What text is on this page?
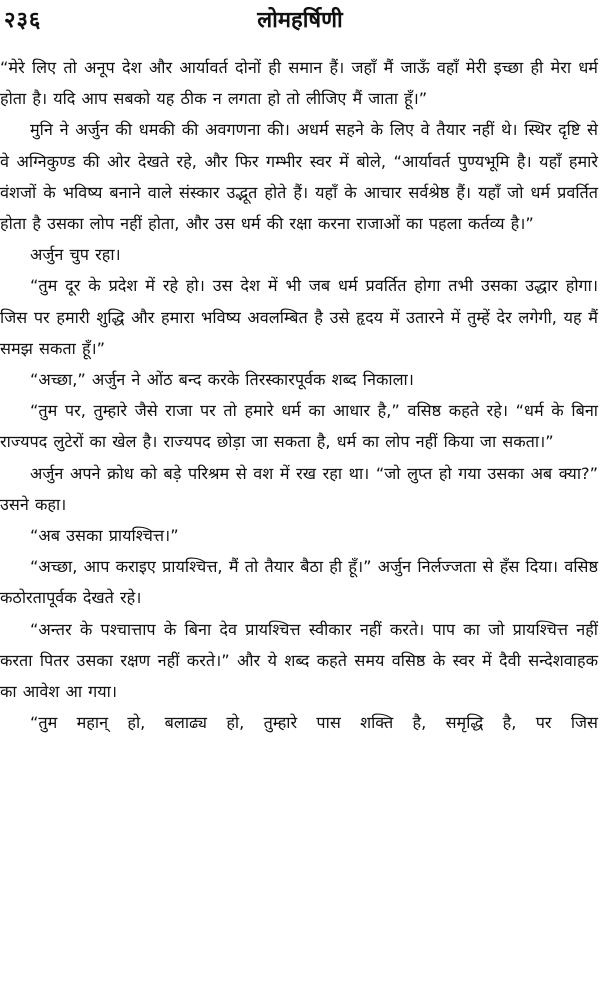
२३६	लोमहर्षिणी

“मेरे लिए तो अनूप देश और आर्यावर्त दोनों ही समान हैं। जहाँ मैं जाऊँ वहाँ मेरी इच्छा ही मेरा धर्म होता है। यदि आप सबको यह ठीक न लगता हो तो लीजिए मैं जाता हूँ।”

मुनि ने अर्जुन की धमकी की अवगणना की। अधर्म सहने के लिए वे तैयार नहीं थे। स्थिर दृष्टि से वे अग्निकुण्ड की ओर देखते रहे, और फिर गम्भीर स्वर में बोले, “आर्यावर्त पुण्यभूमि है। यहाँ हमारे वंशजों के भविष्य बनाने वाले संस्कार उद्भूत होते हैं। यहाँ के आचार सर्वश्रेष्ठ हैं। यहाँ जो धर्म प्रवर्तित होता है उसका लोप नहीं होता, और उस धर्म की रक्षा करना राजाओं का पहला कर्तव्य है।”

अर्जुन चुप रहा।

“तुम दूर के प्रदेश में रहे हो। उस देश में भी जब धर्म प्रवर्तित होगा तभी उसका उद्धार होगा। जिस पर हमारी शुद्धि और हमारा भविष्य अवलम्बित है उसे हृदय में उतारने में तुम्हें देर लगेगी, यह मैं समझ सकता हूँ।”

“अच्छा,” अर्जुन ने ओंठ बन्द करके तिरस्कारपूर्वक शब्द निकाला।

“तुम पर, तुम्हारे जैसे राजा पर तो हमारे धर्म का आधार है,” वसिष्ठ कहते रहे। “धर्म के बिना राज्यपद लुटेरों का खेल है। राज्यपद छोड़ा जा सकता है, धर्म का लोप नहीं किया जा सकता।”

अर्जुन अपने क्रोध को बड़े परिश्रम से वश में रख रहा था। “जो लुप्त हो गया उसका अब क्या?” उसने कहा।

“अब उसका प्रायश्चित्त।”

“अच्छा, आप कराइए प्रायश्चित्त, मैं तो तैयार बैठा ही हूँ।” अर्जुन निर्लज्जता से हँस दिया। वसिष्ठ कठोरतापूर्वक देखते रहे।

“अन्तर के पश्चात्ताप के बिना देव प्रायश्चित्त स्वीकार नहीं करते। पाप का जो प्रायश्चित्त नहीं करता पितर उसका रक्षण नहीं करते।” और ये शब्द कहते समय वसिष्ठ के स्वर में दैवी सन्देशवाहक का आवेश आ गया।

“तुम महान् हो, बलाढ्य हो, तुम्हारे पास शक्ति है, समृद्धि है, पर जिस
